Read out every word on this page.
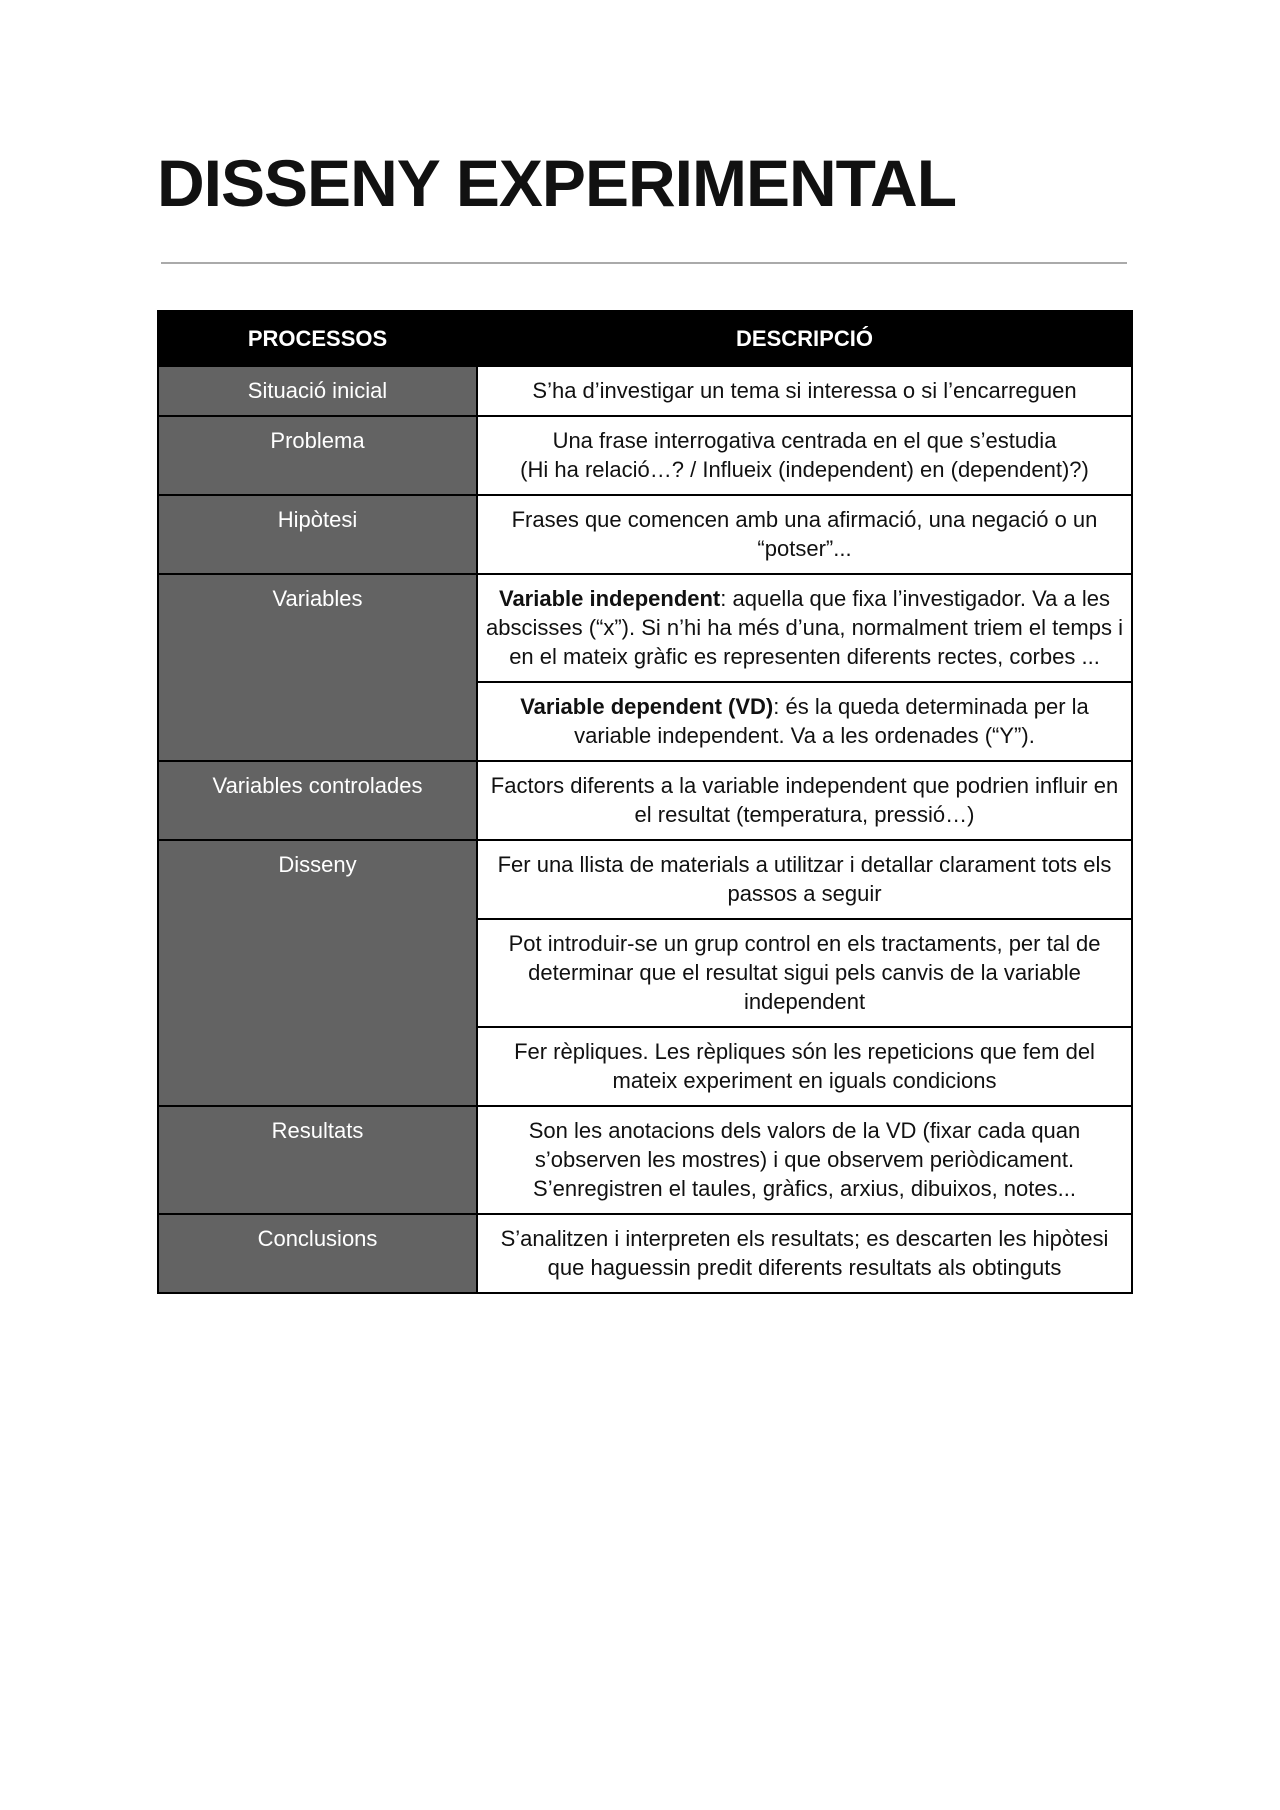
DISSENY EXPERIMENTAL
PROCESSOS	DESCRIPCIÓ
Situació inicial	S’ha d’investigar un tema si interessa o si l’encarreguen
Problema	Una frase interrogativa centrada en el que s’estudia
(Hi ha relació…? / Influeix (independent) en (dependent)?)
Hipòtesi	Frases que comencen amb una afirmació, una negació o un “potser”...
Variables	Variable independent: aquella que fixa l’investigador. Va a les abscisses (“x”). Si n’hi ha més d’una, normalment triem el temps i en el mateix gràfic es representen diferents rectes, corbes ...
	Variable dependent (VD): és la queda determinada per la variable independent. Va a les ordenades (“Y”).
Variables controlades	Factors diferents a la variable independent que podrien influir en el resultat (temperatura, pressió…)
Disseny	Fer una llista de materials a utilitzar i detallar clarament tots els passos a seguir
	Pot introduir-se un grup control en els tractaments, per tal de determinar que el resultat sigui pels canvis de la variable independent
	Fer rèpliques. Les rèpliques són les repeticions que fem del mateix experiment en iguals condicions
Resultats	Son les anotacions dels valors de la VD (fixar cada quan s’observen les mostres) i que observem periòdicament. S’enregistren el taules, gràfics, arxius, dibuixos, notes...
Conclusions	S’analitzen i interpreten els resultats; es descarten les hipòtesi que haguessin predit diferents resultats als obtinguts
